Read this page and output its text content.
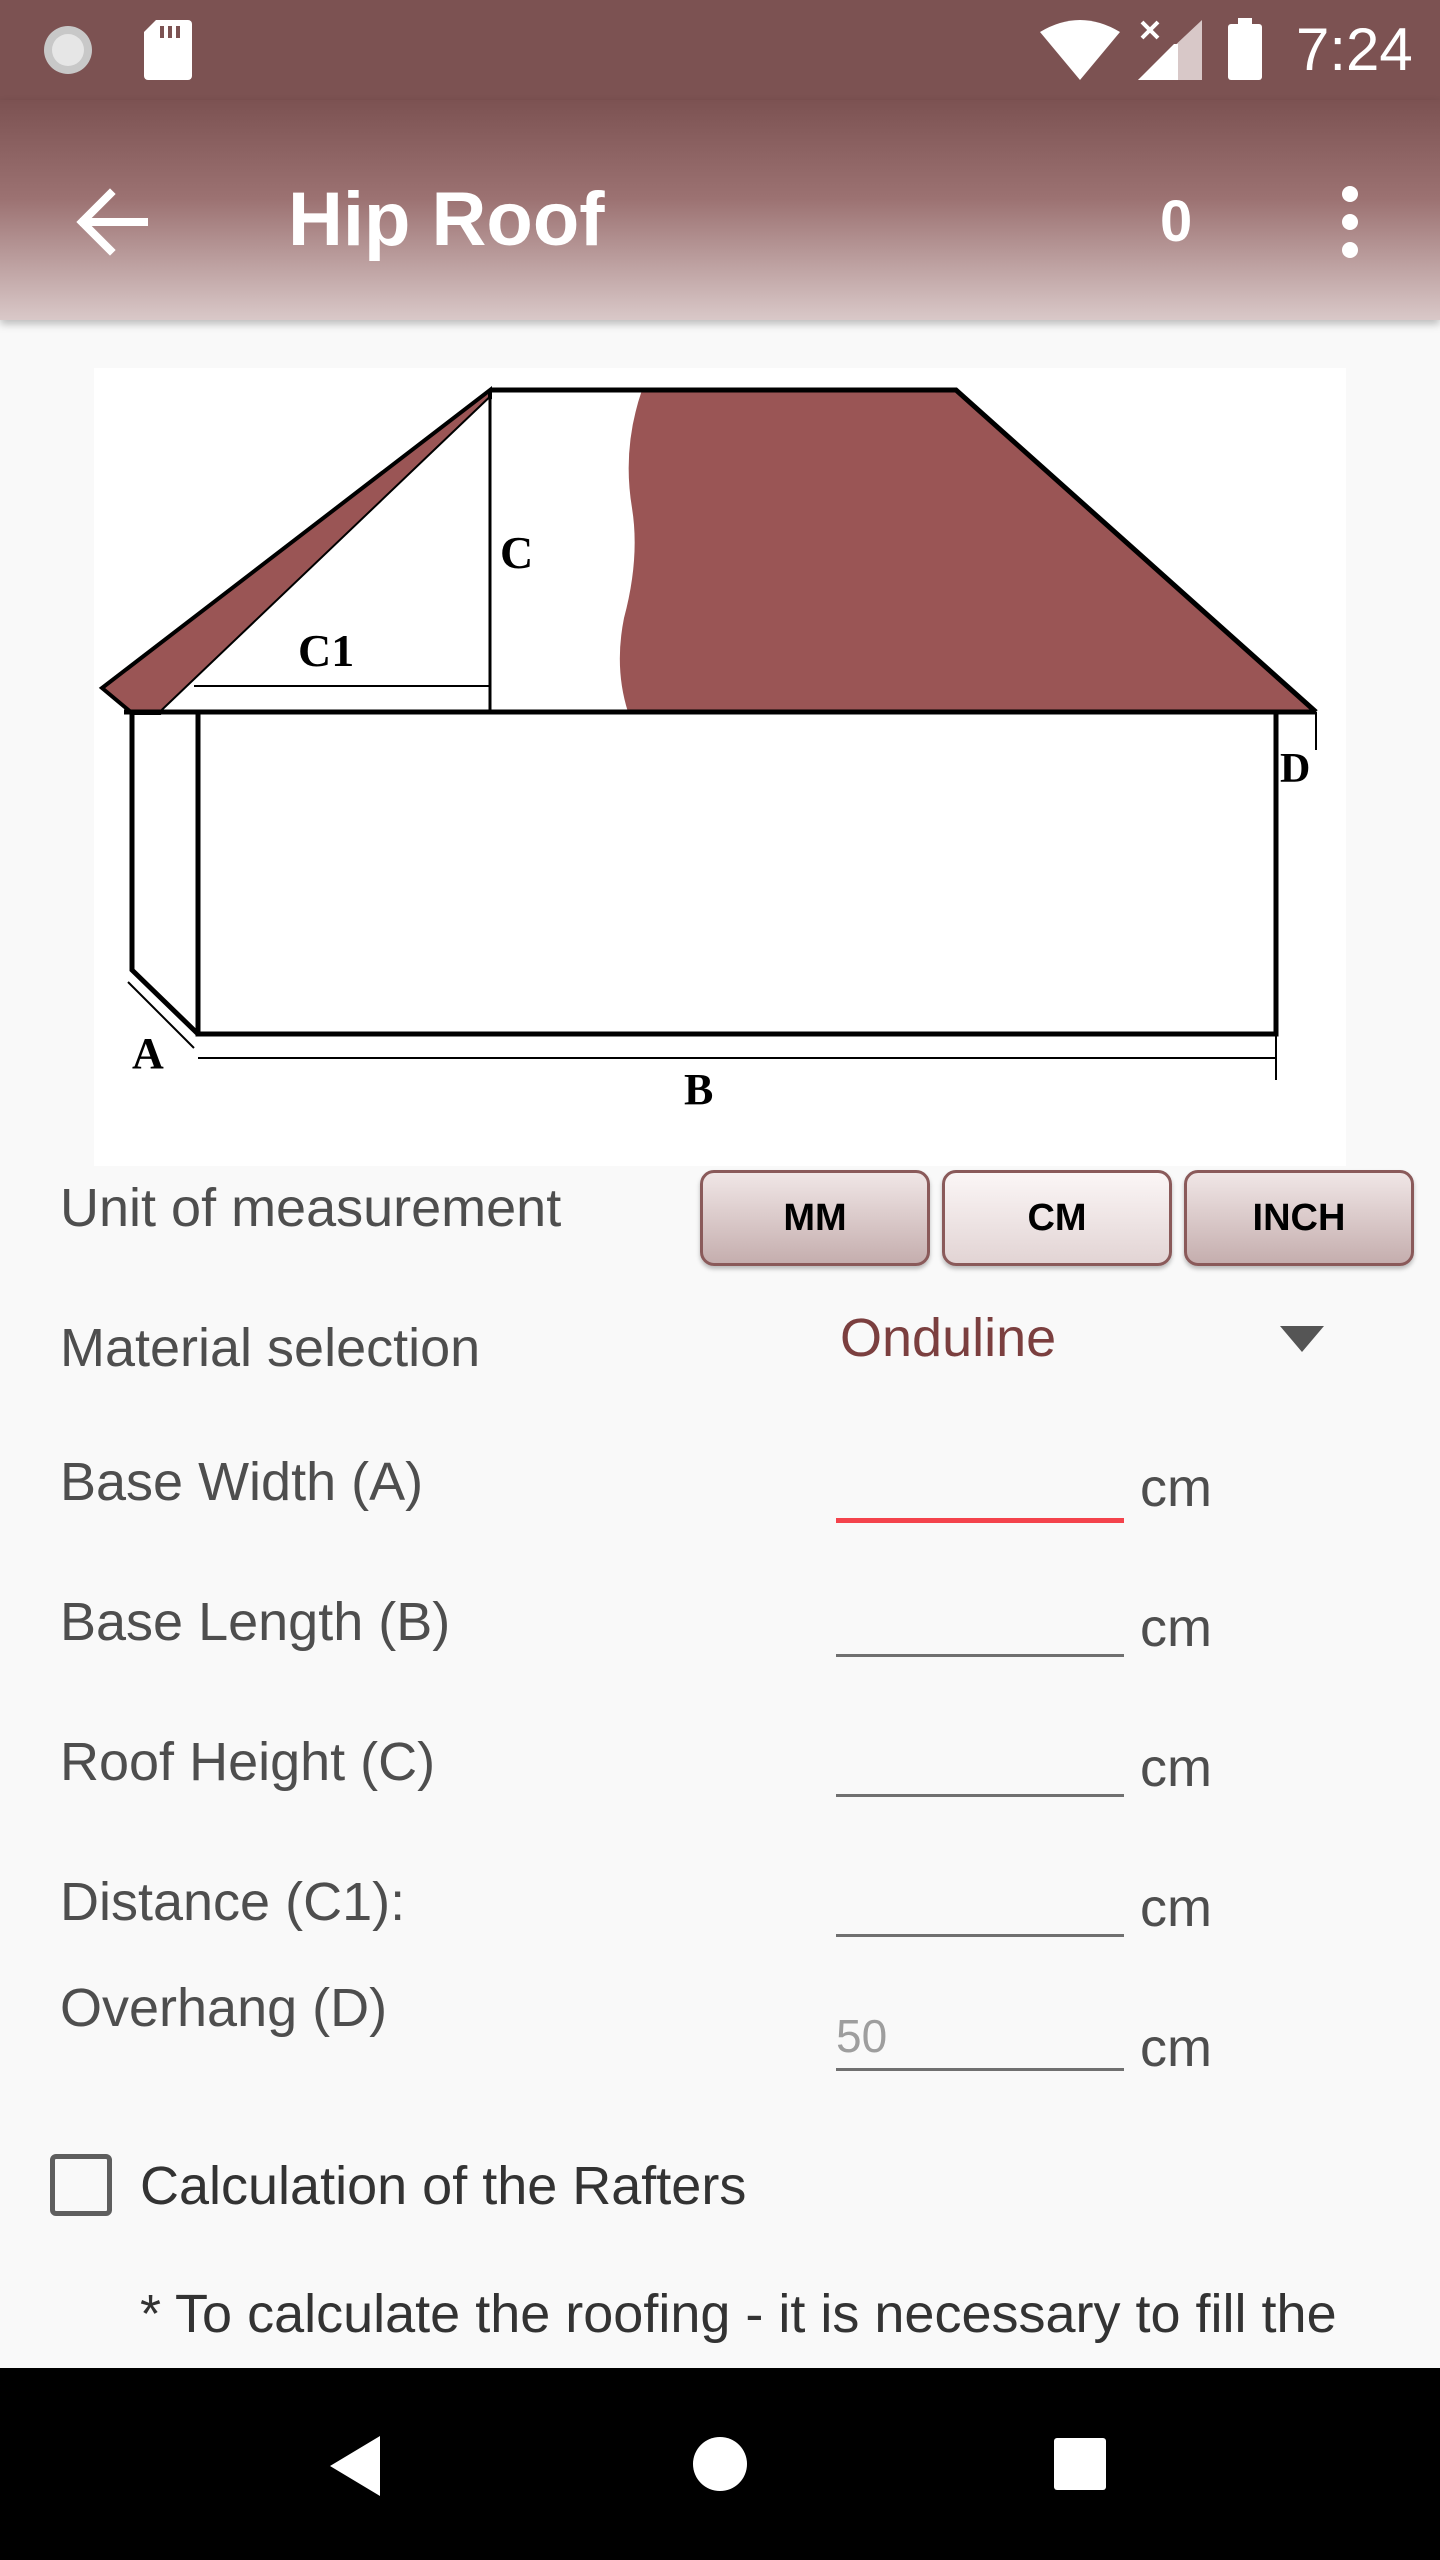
7:24
Hip Roof	0
C
C1
D
A
B
Unit of measurement	MM	CM	INCH
Material selection	Onduline
Base Width (A)	cm
Base Length (B)	cm
Roof Height (C)	cm
Distance (C1):	cm
Overhang (D)	50	cm
Calculation of the Rafters
* To calculate the roofing - it is necessary to fill the
